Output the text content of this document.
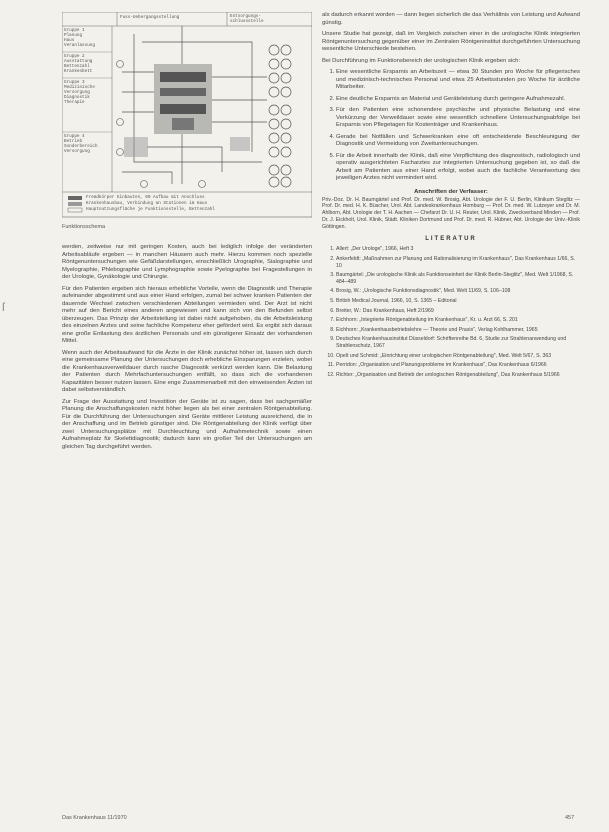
Fuss-Uebergangsstellung	Entsorgungs-
schlussstelle
Gruppe 1
Planung
Haus
Veranlassung
Gruppe 2
Ausstattung
Bettenzahl
Krankenbett
Gruppe 3
Medizinische
Versorgung
Diagnostik
Therapie
Gruppe 4
Betrieb
Sonderbereich
Versorgung
Fremdkörper Einbauten, 00 Aufbau mit Anschluss
Krankenhausbau, Verbindung an Stationen im Haus
Hauptnutzungsfläche je Funktionsstelle, Bettenzahl
Funktionsschema

werden, zeitweise nur mit geringen Kosten, auch bei lediglich infolge der veränderten Arbeitsabläufe ergeben — in manchen Häusern auch mehr. Hierzu kommen noch spezielle Röntgenuntersuchungen wie Gefäßdarstellungen, einschließlich Urographie, Sialographie und Myelographie, Phlebographie und Lymphographie sowie Pyelographie bei Fragestellungen in der Urologie, Gynäkologie und Chirurgie.

Für den Patienten ergeben sich hieraus erhebliche Vorteile, wenn die Diagnostik und Therapie aufeinander abgestimmt und aus einer Hand erfolgen, zumal bei schwer kranken Patienten der dauernde Wechsel zwischen verschiedenen Abteilungen vermieden wird. Der Arzt ist nicht mehr auf den Bericht eines anderen angewiesen und kann sich von den Befunden selbst überzeugen. Das Prinzip der Arbeitsteilung ist dabei nicht aufgehoben, da die Arbeitsleistung des einzelnen Arztes und seine fachliche Kompetenz eher gefördert wird. Es ergibt sich daraus eine große Entlastung des ärztlichen Personals und ein günstigerer Einsatz der vorhandenen Mittel.

Wenn auch der Arbeitsaufwand für die Ärzte in der Klinik zunächst höher ist, lassen sich durch eine gemeinsame Planung der Untersuchungen doch erhebliche Einsparungen erzielen, wobei die Krankenhausverweildauer durch rasche Diagnostik verkürzt werden kann. Die Belastung der Patienten durch Mehrfachuntersuchungen entfällt, so dass sich die vorhandenen Kapazitäten besser nutzen lassen. Eine enge Zusammenarbeit mit den einweisenden Ärzten ist dabei selbstverständlich.

Zur Frage der Ausstattung und Investition der Geräte ist zu sagen, dass bei sachgemäßer Planung die Anschaffungskosten nicht höher liegen als bei einer zentralen Röntgenabteilung. Für die Durchführung der Untersuchungen sind Geräte mittlerer Leistung ausreichend, die in der Anschaffung und im Betrieb günstiger sind. Die Röntgenabteilung der Klinik verfügt über zwei Untersuchungsplätze mit Durchleuchtung und Aufnahmetechnik sowie einen Aufnahmeplatz für Skelettdiagnostik; dadurch kann ein großer Teil der Untersuchungen am gleichen Tag durchgeführt werden.

als dadurch erkannt worden — dann liegen sicherlich die das Verhältnis von Leistung und Aufwand günstig.

Unsere Studie hat gezeigt, daß im Vergleich zwischen einer in die urologische Klinik integrierten Röntgenuntersuchung gegenüber einer im Zentralen Röntgeninstitut durchgeführten Untersuchung wesentliche Unterschiede bestehen.

Bei Durchführung im Funktionsbereich der urologischen Klinik ergeben sich:

1. Eine wesentliche Ersparnis an Arbeitszeit — etwa 30 Stunden pro Woche für pflegerisches und medizinisch-technisches Personal und etwa 25 Arbeitsstunden pro Woche für ärztliche Mitarbeiter.
2. Eine deutliche Ersparnis an Material und Geräteleistung durch geringere Aufnahmezahl.
3. Für den Patienten eine schonendere psychische und physische Belastung und eine Verkürzung der Verweildauer sowie eine wesentlich schnellere Untersuchungsabfolge bei Ersparnis von Pflegetagen für Kostenträger und Krankenhaus.
4. Gerade bei Notfällen und Schwerkranken eine oft entscheidende Beschleunigung der Diagnostik und Vermeidung von Zweituntersuchungen.
5. Für die Arbeit innerhalb der Klinik, daß eine Verpflichtung des diagnostisch, radiologisch und operativ ausgerichteten Facharztes zur integrierten Untersuchung gegeben ist, so daß die Arbeit am Patienten aus einer Hand erfolgt, wobei auch die fachliche Verantwortung des jeweiligen Arztes nicht vermindert wird.
Anschriften der Verfasser:

Priv.-Doz. Dr. H. Baumgärtel und Prof. Dr. med. W. Brosig, Abt. Urologie der F. U. Berlin, Klinikum Steglitz — Prof. Dr. med. H. K. Büscher, Urol. Abt. Landeskrankenhaus Homburg — Prof. Dr. med. W. Lutzeyer und Dr. M. Ahlborn, Abt. Urologie der T. H. Aachen — Chefarzt Dr. U. H. Reuter, Urol. Klinik, Zweckverband Minden — Prof. Dr. J. Eickholt, Urol. Klinik, Städt. Kliniken Dortmund und Prof. Dr. med. R. Hübner, Abt. Urologie der Univ.-Klinik Göttingen.

LITERATUR
1. Allert: „Der Urologe", 1966, Heft 3
2. Ankerfeldt: „Maßnahmen zur Planung und Rationalisierung im Krankenhaus", Das Krankenhaus 1/66, S. 10
3. Baumgärtel: „Die urologische Klinik als Funktionseinheit der Klinik Berlin-Steglitz", Med. Welt 1/1968, S. 484–489
4. Brosig, W.: „Urologische Funktionsdiagnostik", Med. Welt 11/69, S. 106–108
5. British Medical Journal, 1966, 10, S. 1365 – Editorial
6. Breiter, W.: Das Krankenhaus, Heft 2/1969
7. Eichhorn: „Integrierte Röntgenabteilung im Krankenhaus", Kr. u. Arzt 66, S. 201
8. Eichhorn: „Krankenhausbetriebslehre — Theorie und Praxis", Verlag Kohlhammer, 1965
9. Deutsches Krankenhausinstitut Düsseldorf: Schriftenreihe Bd. 6, Studie zur Strahlenanwendung und Strahlenschutz, 1967
10. Opelt und Schmid: „Einrichtung einer urologischen Röntgenabteilung", Med. Welt 5/67, S. 363
11. Perridon: „Organisation und Planungsprobleme im Krankenhaus", Das Krankenhaus 6/1966
12. Richter: „Organisation und Betrieb der urologischen Röntgenabteilung", Das Krankenhaus 5/1966
Das Krankenhaus 11/1970	457
ſ
